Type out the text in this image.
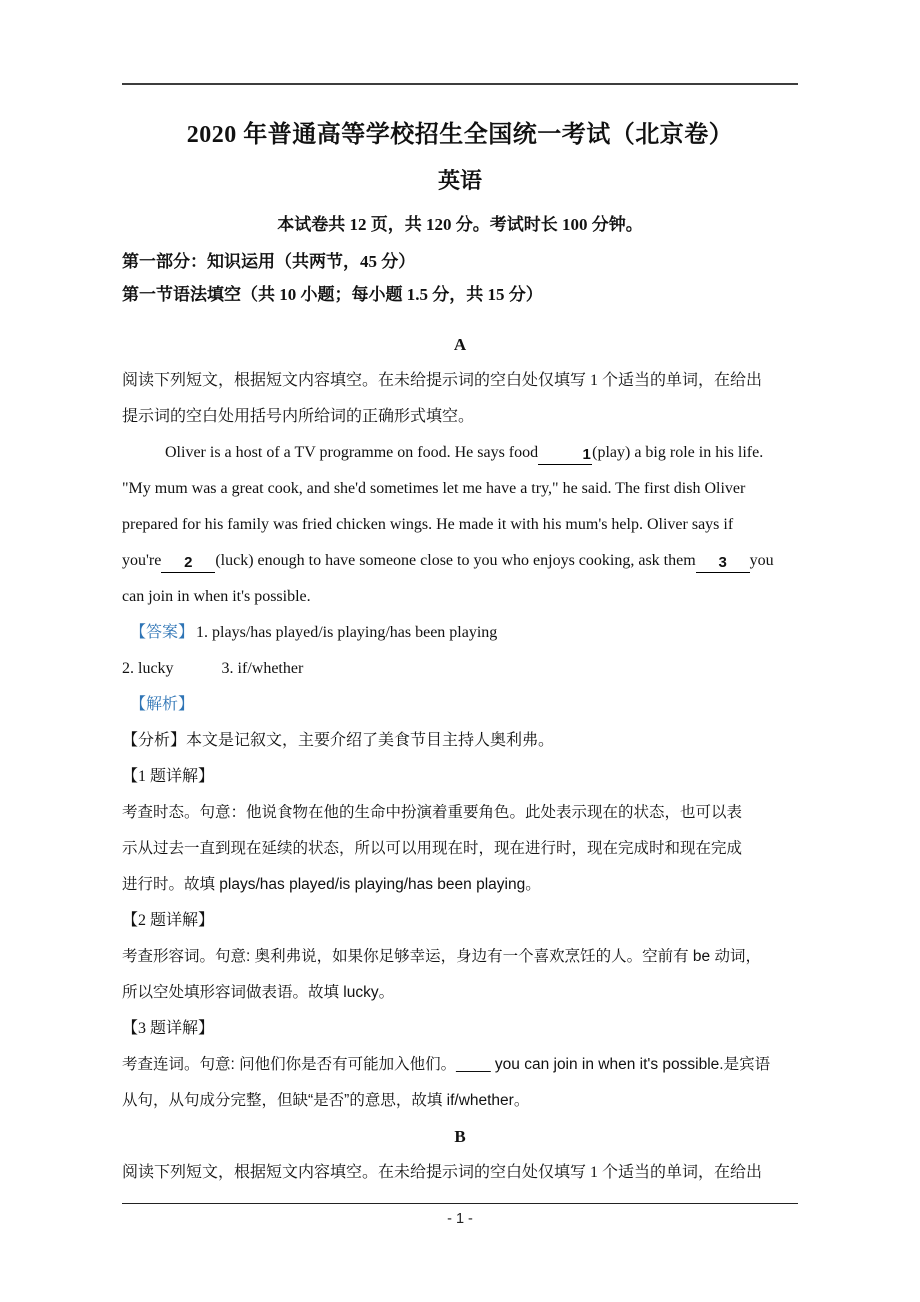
2020 年普通高等学校招生全国统一考试（北京卷）
英语
本试卷共 12 页，共 120 分。考试时长 100 分钟。
第一部分：知识运用（共两节，45 分）
第一节语法填空（共 10 小题；每小题 1.5 分，共 15 分）
A
阅读下列短文，根据短文内容填空。在未给提示词的空白处仅填写 1 个适当的单词，在给出
提示词的空白处用括号内所给词的正确形式填空。
Oliver is a host of a TV programme on food. He says food	1(play) a big role in his life.
"My mum was a great cook, and she'd sometimes let me have a try," he said. The first dish Oliver
prepared for his family was fried chicken wings. He made it with his mum's help. Oliver says if
you're 2 (luck) enough to have someone close to you who enjoys cooking, ask them 3 you
can join in when it's possible.
【答案】 1. plays/has played/is playing/has been playing
2. lucky	3. if/whether
【解析】
【分析】本文是记叙文，主要介绍了美食节目主持人奥利弗。
【1 题详解】
考查时态。句意：他说食物在他的生命中扮演着重要角色。此处表示现在的状态，也可以表
示从过去一直到现在延续的状态，所以可以用现在时，现在进行时，现在完成时和现在完成
进行时。故填 plays/has played/is playing/has been playing。
【2 题详解】
考查形容词。句意: 奥利弗说，如果你足够幸运，身边有一个喜欢烹饪的人。空前有 be 动词，
所以空处填形容词做表语。故填 lucky。
【3 题详解】
考查连词。句意: 问他们你是否有可能加入他们。____ you can join in when it's possible.是宾语
从句，从句成分完整，但缺“是否”的意思，故填 if/whether。
B
阅读下列短文，根据短文内容填空。在未给提示词的空白处仅填写 1 个适当的单词，在给出
- 1 -
